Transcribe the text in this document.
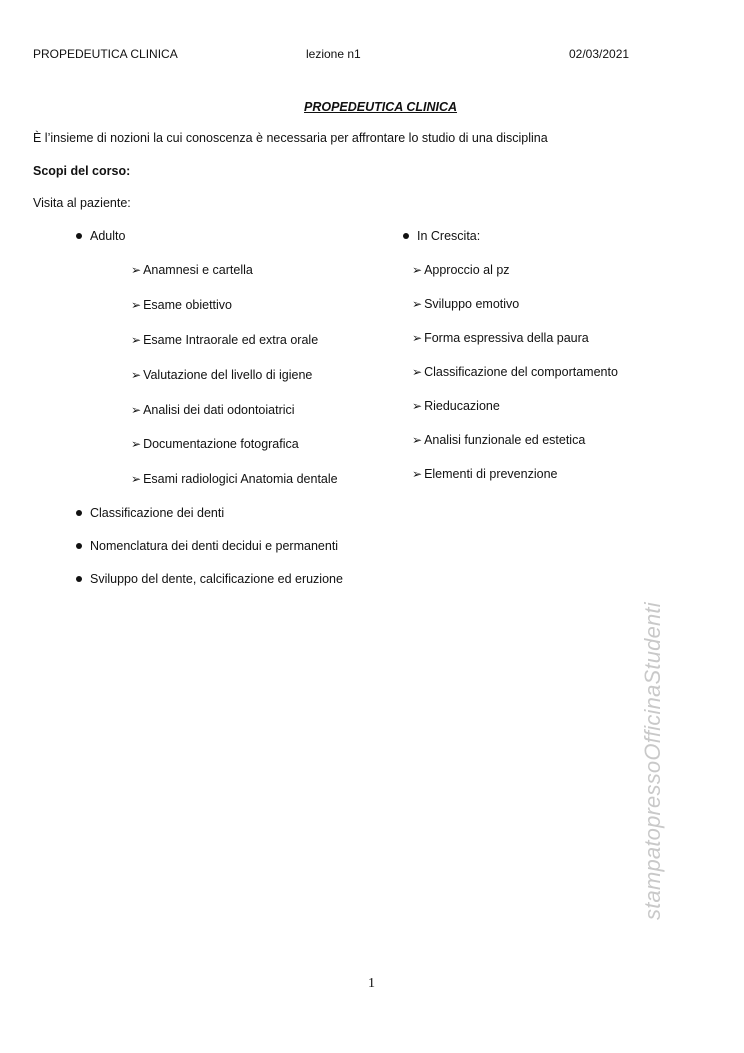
PROPEDEUTICA CLINICA	lezione n1	02/03/2021
PROPEDEUTICA CLINICA
È l’insieme di nozioni la cui conoscenza è necessaria per affrontare lo studio di una disciplina
Scopi del corso:
Visita al paziente:
Adulto
➢ Anamnesi e cartella
➢ Esame obiettivo
➢ Esame Intraorale ed extra orale
➢ Valutazione del livello di igiene
➢ Analisi dei dati odontoiatrici
➢ Documentazione fotografica
➢ Esami radiologici Anatomia dentale
In Crescita:
➢ Approccio al pz
➢ Sviluppo emotivo
➢ Forma espressiva della paura
➢ Classificazione del comportamento
➢ Rieducazione
➢ Analisi funzionale ed estetica
➢ Elementi di prevenzione
Classificazione dei denti
Nomenclatura dei denti decidui e permanenti
Sviluppo del dente, calcificazione ed eruzione
stampatopressoOfficinaStudenti
1
